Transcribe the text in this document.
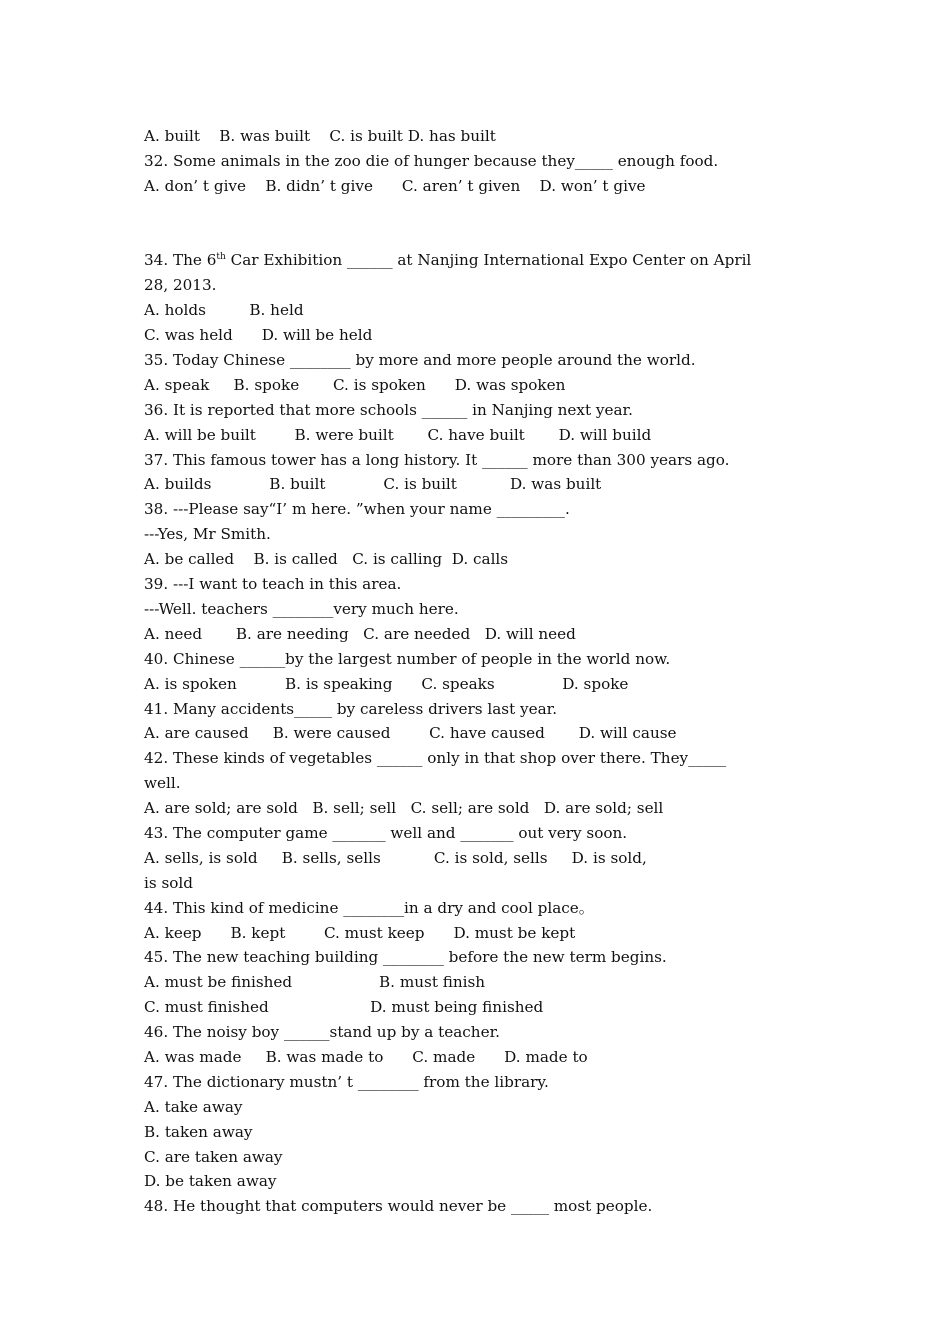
A. built    B. was built    C. is built D. has built
32. Some animals in the zoo die of hunger because they_____ enough food.
A. don’ t give    B. didn’ t give      C. aren’ t given    D. won’ t give
34. The 6th Car Exhibition ______ at Nanjing International Expo Center on April
28, 2013.
A. holds         B. held
C. was held      D. will be held
35. Today Chinese ________ by more and more people around the world.
A. speak     B. spoke       C. is spoken      D. was spoken
36. It is reported that more schools ______ in Nanjing next year.
A. will be built        B. were built       C. have built       D. will build
37. This famous tower has a long history. It ______ more than 300 years ago.
A. builds            B. built            C. is built           D. was built
38. ---Please say“I’ m here. ”when your name _________.
---Yes, Mr Smith.
A. be called    B. is called   C. is calling  D. calls
39. ---I want to teach in this area.
---Well. teachers ________very much here.
A. need       B. are needing   C. are needed   D. will need
40. Chinese ______by the largest number of people in the world now.
A. is spoken          B. is speaking      C. speaks              D. spoke
41. Many accidents_____ by careless drivers last year.
A. are caused     B. were caused        C. have caused       D. will cause
42. These kinds of vegetables ______ only in that shop over there. They_____
well.
A. are sold; are sold   B. sell; sell   C. sell; are sold   D. are sold; sell
43. The computer game _______ well and _______ out very soon.
A. sells, is sold     B. sells, sells           C. is sold, sells     D. is sold,
is sold
44. This kind of medicine ________in a dry and cool place。
A. keep      B. kept        C. must keep      D. must be kept
45. The new teaching building ________ before the new term begins.
A. must be finished                  B. must finish
C. must finished                     D. must being finished
46. The noisy boy ______stand up by a teacher.
A. was made     B. was made to      C. made      D. made to
47. The dictionary mustn’ t ________ from the library.
A. take away
B. taken away
C. are taken away
D. be taken away
48. He thought that computers would never be _____ most people.
